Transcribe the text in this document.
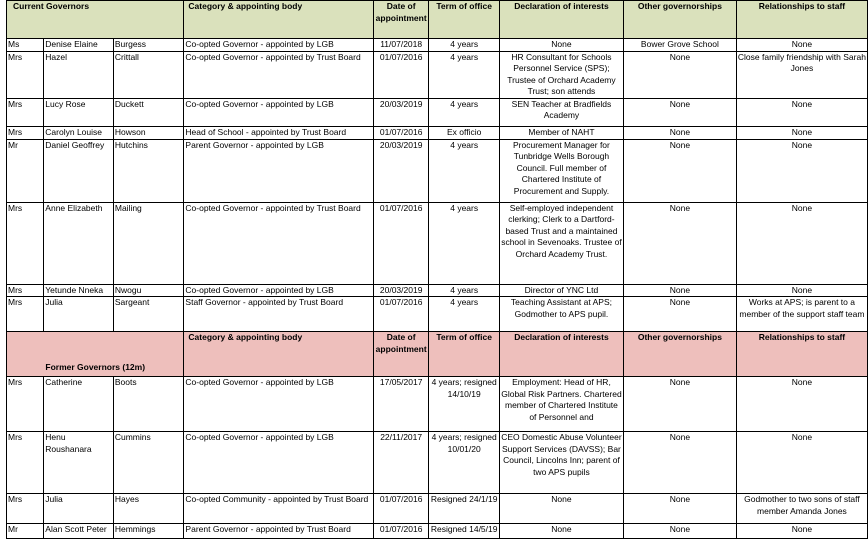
Current Governors			Category & appointing body	Date of appointment	Term of office	Declaration of interests	Other governorships	Relationships to staff
Ms	Denise Elaine	Burgess	Co-opted Governor - appointed by LGB	11/07/2018	4 years	None	Bower Grove School	None
Mrs	Hazel	Crittall	Co-opted Governor - appointed by Trust Board	01/07/2016	4 years	HR Consultant for Schools Personnel Service (SPS); Trustee of Orchard Academy Trust; son attends	None	Close family friendship with Sarah Jones
Mrs	Lucy Rose	Duckett	Co-opted Governor - appointed by LGB	20/03/2019	4 years	SEN Teacher at Bradfields Academy	None	None
Mrs	Carolyn Louise	Howson	Head of School - appointed by Trust Board	01/07/2016	Ex officio	Member of NAHT	None	None
Mr	Daniel Geoffrey	Hutchins	Parent Governor - appointed by LGB	20/03/2019	4 years	Procurement Manager for Tunbridge Wells Borough Council. Full member of Chartered Institute of Procurement and Supply.	None	None
Mrs	Anne Elizabeth	Mailing	Co-opted Governor - appointed by Trust Board	01/07/2016	4 years	Self-employed independent clerking; Clerk to a Dartford-based Trust and a maintained school in Sevenoaks. Trustee of Orchard Academy Trust.	None	None
Mrs	Yetunde Nneka	Nwogu	Co-opted Governor - appointed by LGB	20/03/2019	4 years	Director of YNC Ltd	None	None
Mrs	Julia	Sargeant	Staff Governor - appointed by Trust Board	01/07/2016	4 years	Teaching Assistant at APS; Godmother to APS pupil.	None	Works at APS; is parent to a member of the support staff team
Former Governors (12m)			Category & appointing body	Date of appointment	Term of office	Declaration of interests	Other governorships	Relationships to staff
Mrs	Catherine	Boots	Co-opted Governor - appointed by LGB	17/05/2017	4 years; resigned 14/10/19	Employment: Head of HR, Global Risk Partners. Chartered member of Chartered Institute of Personnel and	None	None
Mrs	Henu Roushanara	Cummins	Co-opted Governor - appointed by LGB	22/11/2017	4 years; resigned 10/01/20	CEO Domestic Abuse Volunteer Support Services (DAVSS); Bar Council, Lincolns Inn; parent of two APS pupils	None	None
Mrs	Julia	Hayes	Co-opted Community - appointed by Trust Board	01/07/2016	Resigned 24/1/19	None	None	Godmother to two sons of staff member Amanda Jones
Mr	Alan Scott Peter	Hemmings	Parent Governor - appointed by Trust Board	01/07/2016	Resigned 14/5/19	None	None	None
